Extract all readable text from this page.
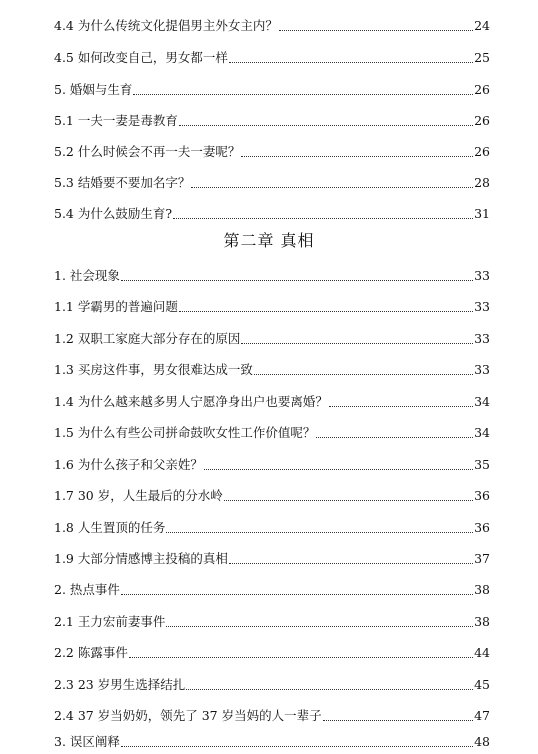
4.4 为什么传统文化提倡男主外女主内？	24
4.5 如何改变自己，男女都一样	25
5. 婚姻与生育	26
5.1 一夫一妻是毒教育	26
5.2 什么时候会不再一夫一妻呢？	26
5.3 结婚要不要加名字？	28
5.4 为什么鼓励生育?	31
第二章 真相
1. 社会现象	33
1.1 学霸男的普遍问题	33
1.2 双职工家庭大部分存在的原因	33
1.3 买房这件事，男女很难达成一致	33
1.4 为什么越来越多男人宁愿净身出户也要离婚？	34
1.5 为什么有些公司拼命鼓吹女性工作价值呢？	34
1.6 为什么孩子和父亲姓？	35
1.7 30 岁，人生最后的分水岭	36
1.8 人生置顶的任务	36
1.9 大部分情感博主投稿的真相	37
2. 热点事件	38
2.1 王力宏前妻事件	38
2.2 陈露事件	44
2.3 23 岁男生选择结扎	45
2.4 37 岁当奶奶，领先了 37 岁当妈的人一辈子	47
3. 误区阐释	48
